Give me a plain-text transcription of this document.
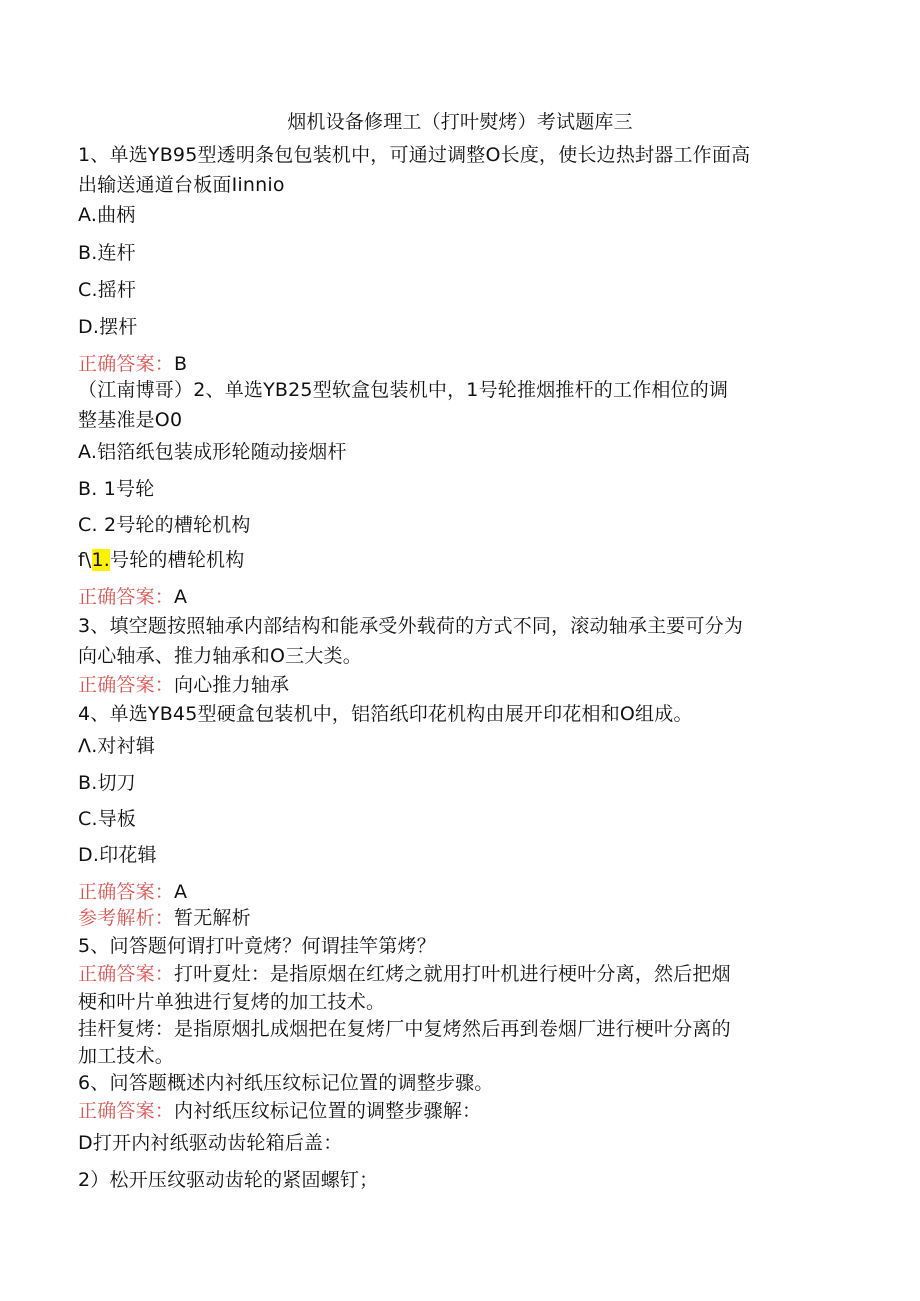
烟机设备修理工（打叶熨烤）考试题库三
1、单选YB95型透明条包包装机中，可通过调整O长度，使长边热封器工作面高
出输送通道台板面Iinnio
A.曲柄
B.连杆
C.摇杆
D.摆杆
正确答案：B
（江南博哥）2、单选YB25型软盒包装机中，1号轮推烟推杆的工作相位的调
整基准是O0
A.铝箔纸包装成形轮随动接烟杆
B. 1号轮
C. 2号轮的槽轮机构
f\1.号轮的槽轮机构
正确答案：A
3、填空题按照轴承内部结构和能承受外载荷的方式不同，滚动轴承主要可分为
向心轴承、推力轴承和O三大类。
正确答案：向心推力轴承
4、单选YB45型硬盒包装机中，铝箔纸印花机构由展开印花相和O组成。
Λ.对衬辑
B.切刀
C.导板
D.印花辑
正确答案：A
参考解析：暂无解析
5、问答题何谓打叶竟烤？何谓挂竿第烤？
正确答案：打叶夏灶：是指原烟在红烤之就用打叶机进行梗叶分离，然后把烟
梗和叶片单独进行复烤的加工技术。
挂杆复烤：是指原烟扎成烟把在复烤厂中复烤然后再到卷烟厂进行梗叶分离的
加工技术。
6、问答题概述内衬纸压纹标记位置的调整步骤。
正确答案：内衬纸压纹标记位置的调整步骤解：
D打开内衬纸驱动齿轮箱后盖：
2）松开压纹驱动齿轮的紧固螺钉；
